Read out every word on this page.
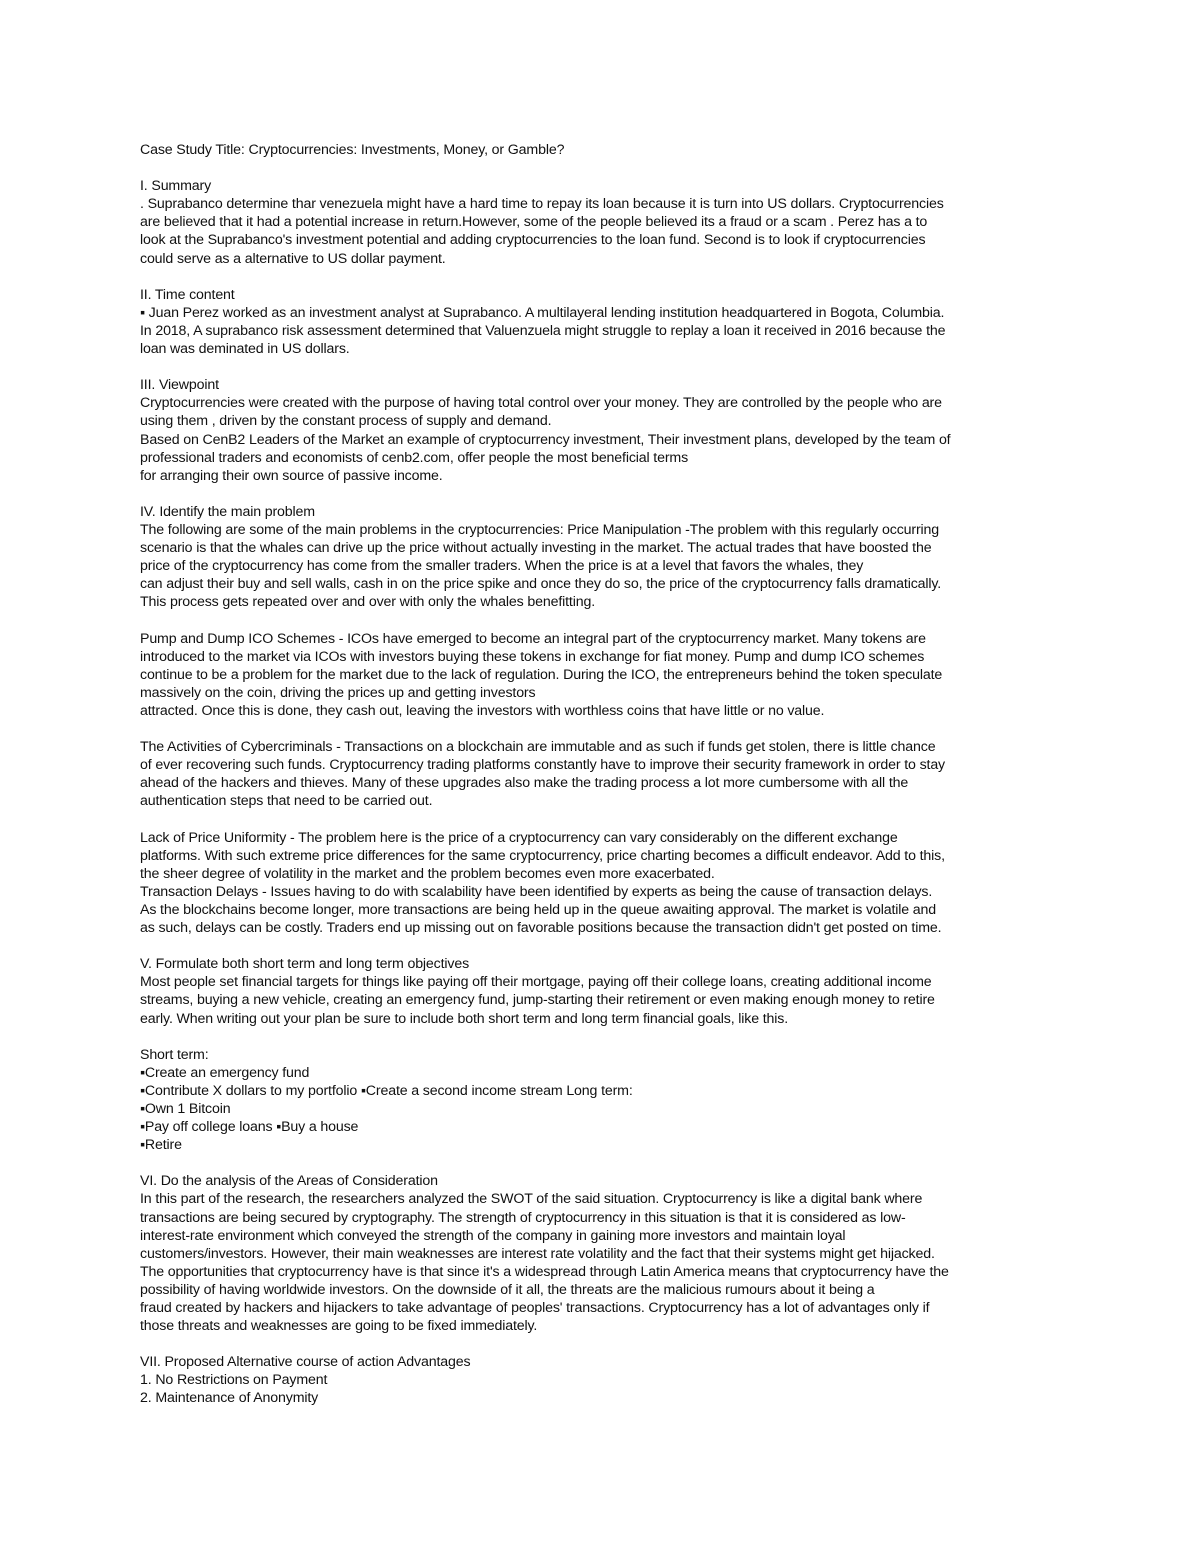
Case Study Title: Cryptocurrencies: Investments, Money, or Gamble?
I. Summary
. Suprabanco determine thar venezuela might have a hard time to repay its loan because it is turn into US dollars. Cryptocurrencies
are believed that it had a potential increase in return.However, some of the people believed its a fraud or a scam . Perez has a to
look at the Suprabanco's investment potential and adding cryptocurrencies to the loan fund. Second is to look if cryptocurrencies
could serve as a alternative to US dollar payment.
II. Time content
▪ Juan Perez worked as an investment analyst at Suprabanco. A multilayeral lending institution headquartered in Bogota, Columbia.
In 2018, A suprabanco risk assessment determined that Valuenzuela might struggle to replay a loan it received in 2016 because the
loan was deminated in US dollars.
III. Viewpoint
Cryptocurrencies were created with the purpose of having total control over your money. They are controlled by the people who are
using them , driven by the constant process of supply and demand.
Based on CenB2 Leaders of the Market an example of cryptocurrency investment, Their investment plans, developed by the team of
professional traders and economists of cenb2.com, offer people the most beneficial terms
for arranging their own source of passive income.
IV. Identify the main problem
The following are some of the main problems in the cryptocurrencies: Price Manipulation -The problem with this regularly occurring
scenario is that the whales can drive up the price without actually investing in the market. The actual trades that have boosted the
price of the cryptocurrency has come from the smaller traders. When the price is at a level that favors the whales, they
can adjust their buy and sell walls, cash in on the price spike and once they do so, the price of the cryptocurrency falls dramatically.
This process gets repeated over and over with only the whales benefitting.
Pump and Dump ICO Schemes - ICOs have emerged to become an integral part of the cryptocurrency market. Many tokens are
introduced to the market via ICOs with investors buying these tokens in exchange for fiat money. Pump and dump ICO schemes
continue to be a problem for the market due to the lack of regulation. During the ICO, the entrepreneurs behind the token speculate
massively on the coin, driving the prices up and getting investors
attracted. Once this is done, they cash out, leaving the investors with worthless coins that have little or no value.
The Activities of Cybercriminals - Transactions on a blockchain are immutable and as such if funds get stolen, there is little chance
of ever recovering such funds. Cryptocurrency trading platforms constantly have to improve their security framework in order to stay
ahead of the hackers and thieves. Many of these upgrades also make the trading process a lot more cumbersome with all the
authentication steps that need to be carried out.
Lack of Price Uniformity - The problem here is the price of a cryptocurrency can vary considerably on the different exchange
platforms. With such extreme price differences for the same cryptocurrency, price charting becomes a difficult endeavor. Add to this,
the sheer degree of volatility in the market and the problem becomes even more exacerbated.
Transaction Delays - Issues having to do with scalability have been identified by experts as being the cause of transaction delays.
As the blockchains become longer, more transactions are being held up in the queue awaiting approval. The market is volatile and
as such, delays can be costly. Traders end up missing out on favorable positions because the transaction didn't get posted on time.
V. Formulate both short term and long term objectives
Most people set financial targets for things like paying off their mortgage, paying off their college loans, creating additional income
streams, buying a new vehicle, creating an emergency fund, jump-starting their retirement or even making enough money to retire
early. When writing out your plan be sure to include both short term and long term financial goals, like this.
Short term:
▪Create an emergency fund
▪Contribute X dollars to my portfolio ▪Create a second income stream Long term:
▪Own 1 Bitcoin
▪Pay off college loans ▪Buy a house
▪Retire
VI. Do the analysis of the Areas of Consideration
In this part of the research, the researchers analyzed the SWOT of the said situation. Cryptocurrency is like a digital bank where
transactions are being secured by cryptography. The strength of cryptocurrency in this situation is that it is considered as low-
interest-rate environment which conveyed the strength of the company in gaining more investors and maintain loyal
customers/investors. However, their main weaknesses are interest rate volatility and the fact that their systems might get hijacked.
The opportunities that cryptocurrency have is that since it's a widespread through Latin America means that cryptocurrency have the
possibility of having worldwide investors. On the downside of it all, the threats are the malicious rumours about it being a
fraud created by hackers and hijackers to take advantage of peoples' transactions. Cryptocurrency has a lot of advantages only if
those threats and weaknesses are going to be fixed immediately.
VII. Proposed Alternative course of action Advantages
1. No Restrictions on Payment
2. Maintenance of Anonymity
